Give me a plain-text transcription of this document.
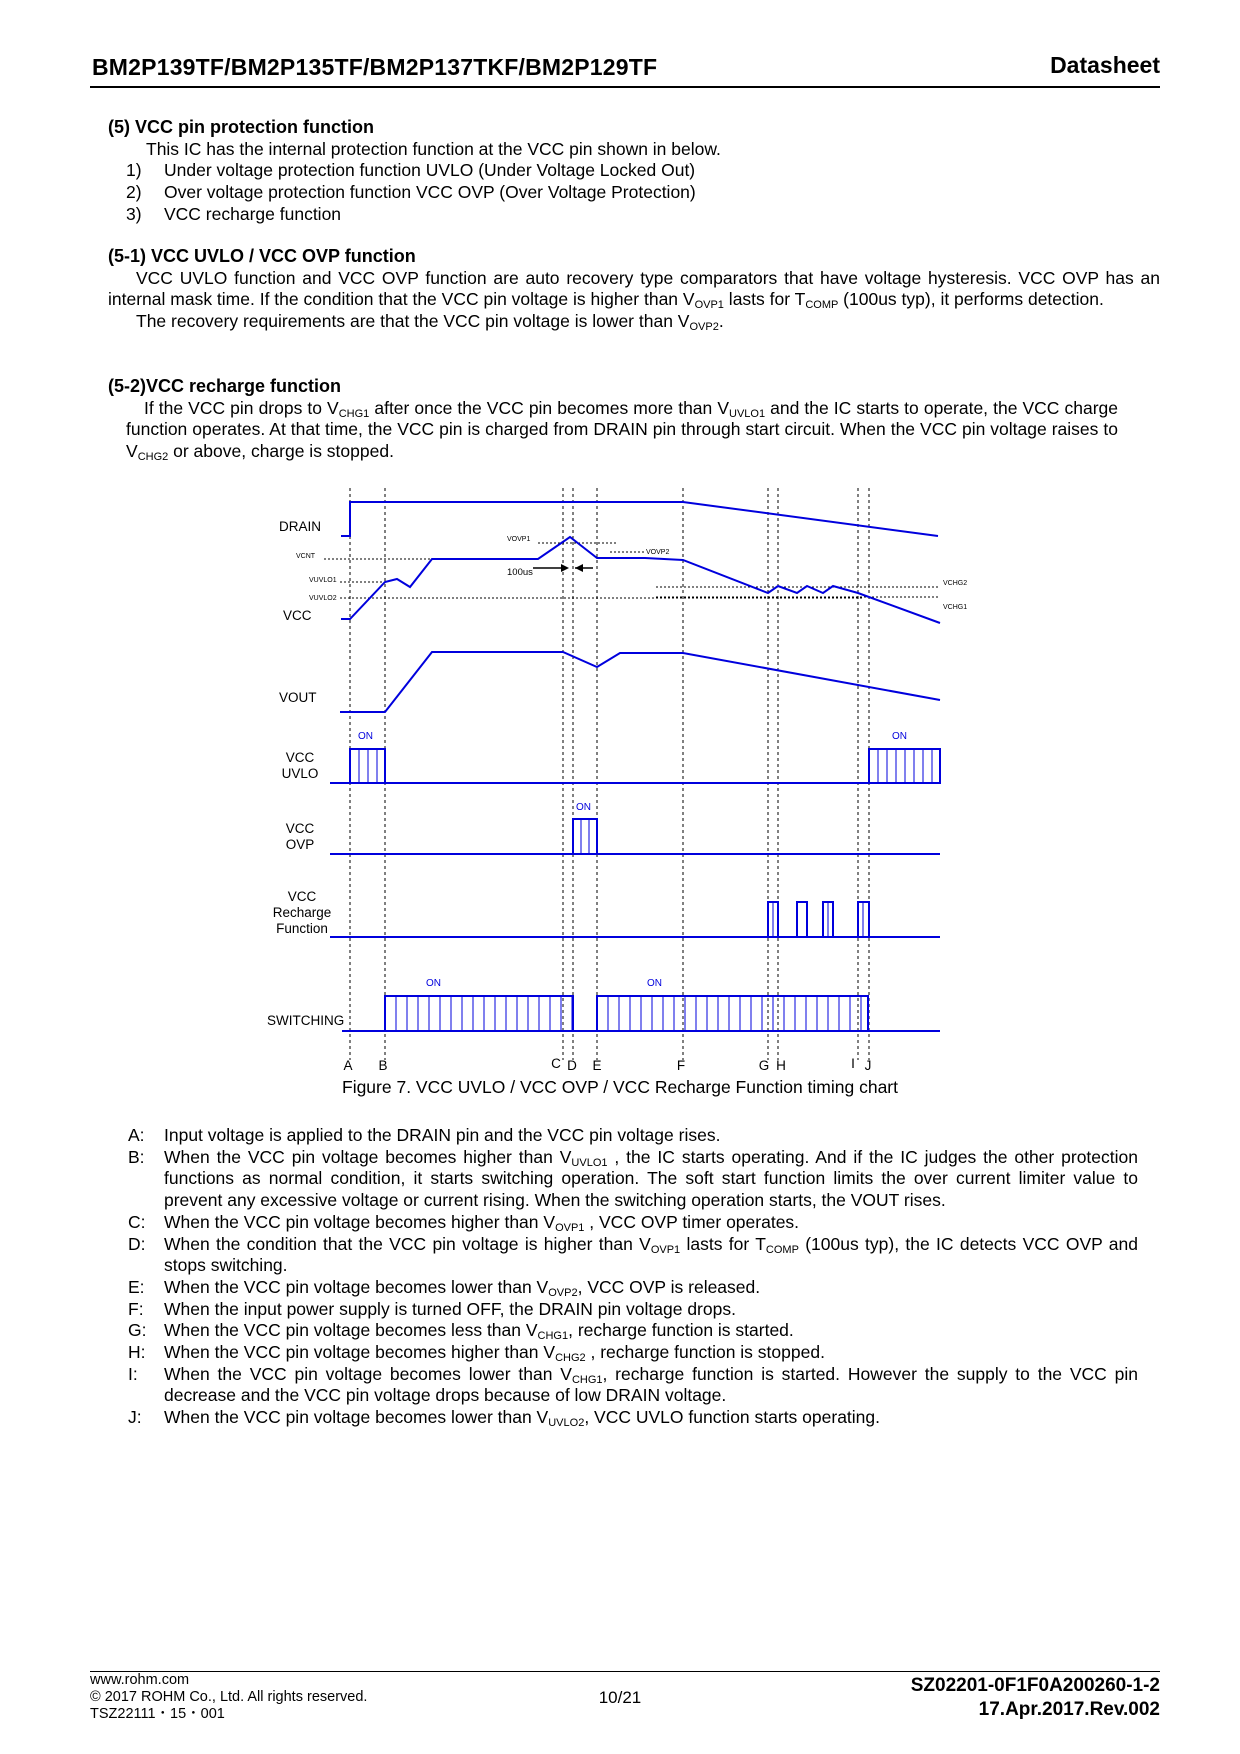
BM2P139TF/BM2P135TF/BM2P137TKF/BM2P129TF	Datasheet
(5) VCC pin protection function
This IC has the internal protection function at the VCC pin shown in below.
1)	Under voltage protection function UVLO (Under Voltage Locked Out)
2)	Over voltage protection function VCC OVP (Over Voltage Protection)
3)	VCC recharge function
(5-1) VCC UVLO / VCC OVP function
VCC UVLO function and VCC OVP function are auto recovery type comparators that have voltage hysteresis. VCC OVP has an internal mask time. If the condition that the VCC pin voltage is higher than $V_{OVP1}$ lasts for $T_{COMP}$ (100us typ), it performs detection.
The recovery requirements are that the VCC pin voltage is lower than $V_{OVP2}$.
(5-2)VCC recharge function
If the VCC pin drops to $V_{CHG1}$ after once the VCC pin becomes more than $V_{UVLO1}$ and the IC starts to operate, the VCC charge function operates. At that time, the VCC pin is charged from DRAIN pin through start circuit. When the VCC pin voltage raises to $V_{CHG2}$ or above, charge is stopped.
DRAIN
VCC
VOUT
VCC
UVLO
VCC
OVP
VCC
Recharge
Function
SWITCHING
VCNT
VUVLO1
VUVLO2
VOVP1
VOVP2
VCHG2
VCHG1
100us
ON	ON
ON
ON	ON
A B	C D E	F	G H	I J
Figure 7. VCC UVLO / VCC OVP / VCC Recharge Function timing chart
A:	Input voltage is applied to the DRAIN pin and the VCC pin voltage rises.
B:	When the VCC pin voltage becomes higher than $V_{UVLO1}$ , the IC starts operating. And if the IC judges the other protection functions as normal condition, it starts switching operation. The soft start function limits the over current limiter value to prevent any excessive voltage or current rising. When the switching operation starts, the VOUT rises.
C:	When the VCC pin voltage becomes higher than $V_{OVP1}$ , VCC OVP timer operates.
D:	When the condition that the VCC pin voltage is higher than $V_{OVP1}$ lasts for $T_{COMP}$ (100us typ), the IC detects VCC OVP and stops switching.
E:	When the VCC pin voltage becomes lower than $V_{OVP2}$, VCC OVP is released.
F:	When the input power supply is turned OFF, the DRAIN pin voltage drops.
G:	When the VCC pin voltage becomes less than $V_{CHG1}$, recharge function is started.
H:	When the VCC pin voltage becomes higher than $V_{CHG2}$ , recharge function is stopped.
I:	When the VCC pin voltage becomes lower than $V_{CHG1}$, recharge function is started. However the supply to the VCC pin decrease and the VCC pin voltage drops because of low DRAIN voltage.
J:	When the VCC pin voltage becomes lower than $V_{UVLO2}$, VCC UVLO function starts operating.
www.rohm.com
© 2017 ROHM Co., Ltd. All rights reserved.
TSZ22111・15・001
10/21
SZ02201-0F1F0A200260-1-2
17.Apr.2017.Rev.002
